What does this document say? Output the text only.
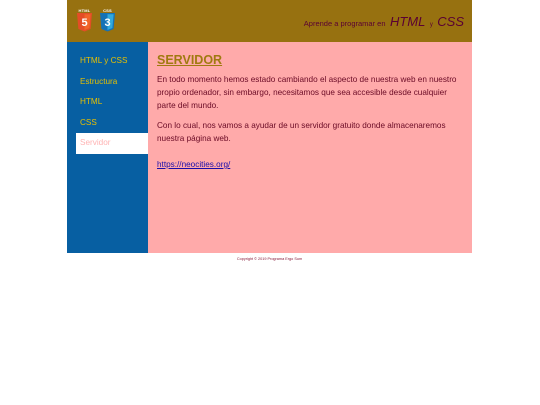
HTML
5
CSS
3	Aprende a programar en HTML y CSS
HTML y CSS
Estructura
HTML
CSS
Servidor
SERVIDOR

En todo momento hemos estado cambiando el aspecto de nuestra web en nuestro propio ordenador, sin embargo, necesitamos que sea accesible desde cualquier parte del mundo.

Con lo cual, nos vamos a ayudar de un servidor gratuito donde almacenaremos nuestra página web.

https://neocities.org/
Copyright © 2019 Programa Ergo Sum
